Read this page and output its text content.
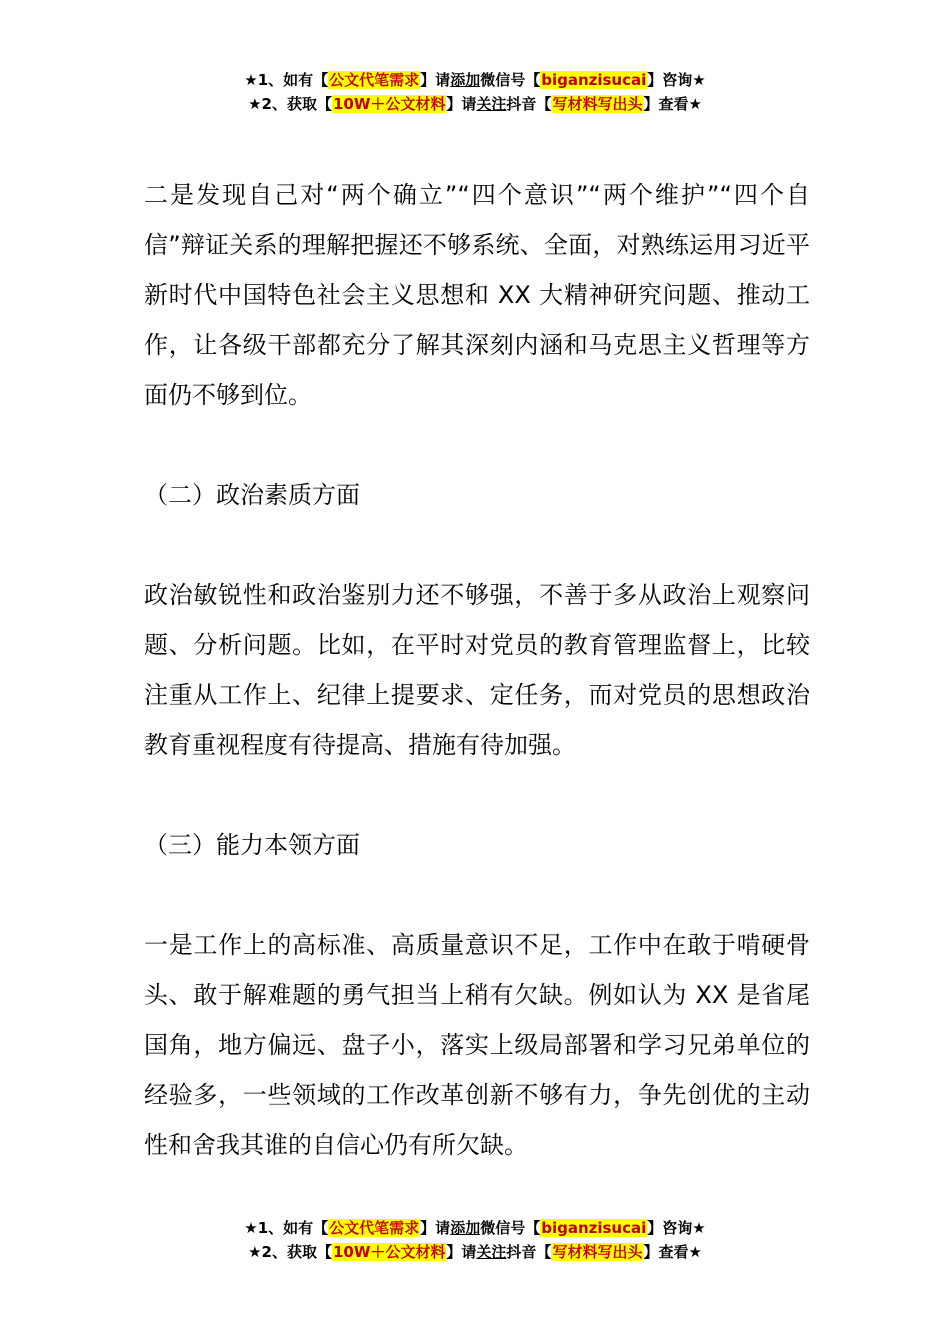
★1、如有【公文代笔需求】请添加微信号【biganzisucai】咨询★
★2、获取【10W＋公文材料】请关注抖音【写材料写出头】查看★

二是发现自己对“两个确立”“四个意识”“两个维护”“四个自信”辩证关系的理解把握还不够系统、全面，对熟练运用习近平新时代中国特色社会主义思想和 XX 大精神研究问题、推动工作，让各级干部都充分了解其深刻内涵和马克思主义哲理等方面仍不够到位。

（二）政治素质方面

政治敏锐性和政治鉴别力还不够强，不善于多从政治上观察问题、分析问题。比如，在平时对党员的教育管理监督上，比较注重从工作上、纪律上提要求、定任务，而对党员的思想政治教育重视程度有待提高、措施有待加强。

（三）能力本领方面

一是工作上的高标准、高质量意识不足，工作中在敢于啃硬骨头、敢于解难题的勇气担当上稍有欠缺。例如认为 XX 是省尾国角，地方偏远、盘子小，落实上级局部署和学习兄弟单位的经验多，一些领域的工作改革创新不够有力，争先创优的主动性和舍我其谁的自信心仍有所欠缺。

★1、如有【公文代笔需求】请添加微信号【biganzisucai】咨询★
★2、获取【10W＋公文材料】请关注抖音【写材料写出头】查看★
